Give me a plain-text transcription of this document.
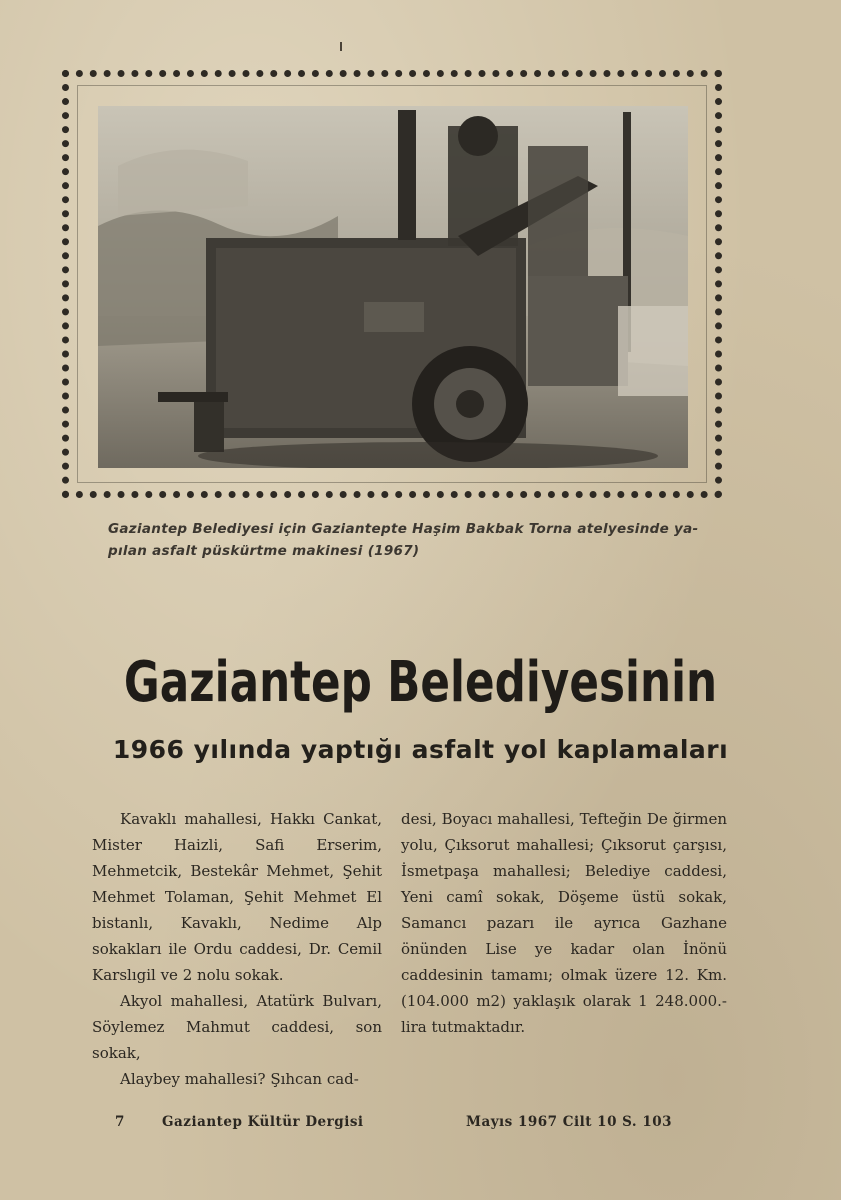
Gaziantep Belediyesi için Gaziantepte Haşim Bakbak Torna atelyesinde ya-
pılan asfalt püskürtme makinesi (1967)

Gaziantep Belediyesinin
1966 yılında yaptığı asfalt yol kaplamaları

Kavaklı mahallesi, Hakkı Cankat, Mister Haizli, Safi Erserim, Mehmetcik, Bestekâr Mehmet, Şehit Mehmet Tolaman, Şehit Mehmet El bistanlı, Kavaklı, Nedime Alp sokakları ile Ordu caddesi, Dr. Cemil Karslıgil ve 2 nolu sokak.

Akyol mahallesi, Atatürk Bulvarı, Söylemez Mahmut caddesi, son sokak,

Alaybey mahallesi? Şıhcan cad-

desi, Boyacı mahallesi, Tefteğin De ğirmen yolu, Çıksorut mahallesi; Çıksorut çarşısı, İsmetpaşa mahallesi; Belediye caddesi, Yeni camî sokak, Döşeme üstü sokak, Samancı pazarı ile ayrıca Gazhane önünden Lise ye kadar olan İnönü caddesinin tamamı; olmak üzere 12. Km. (104.000 m2) yaklaşık olarak 1 248.000.- lira tutmaktadır.

7	Gaziantep Kültür Dergisi	Mayıs 1967 Cilt 10 S. 103
